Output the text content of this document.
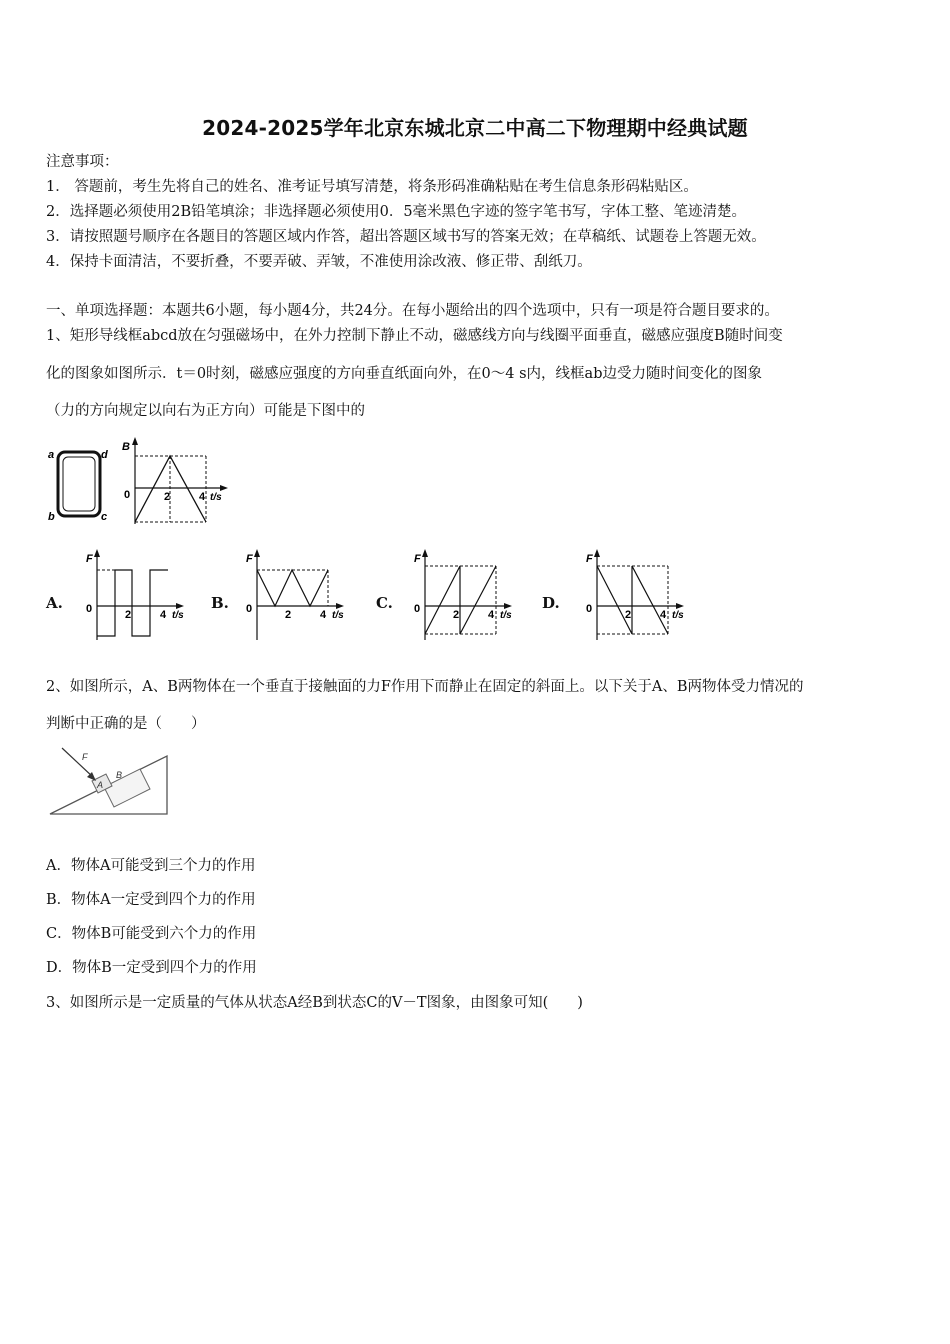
2024-2025学年北京东城北京二中高二下物理期中经典试题
注意事项：
1． 答题前，考生先将自己的姓名、准考证号填写清楚，将条形码准确粘贴在考生信息条形码粘贴区。
2．选择题必须使用2B铅笔填涂；非选择题必须使用0．5毫米黑色字迹的签字笔书写，字体工整、笔迹清楚。
3．请按照题号顺序在各题目的答题区域内作答，超出答题区域书写的答案无效；在草稿纸、试题卷上答题无效。
4．保持卡面清洁，不要折叠，不要弄破、弄皱，不准使用涂改液、修正带、刮纸刀。
一、单项选择题：本题共6小题，每小题4分，共24分。在每小题给出的四个选项中，只有一项是符合题目要求的。
1、矩形导线框abcd放在匀强磁场中，在外力控制下静止不动，磁感线方向与线圈平面垂直，磁感应强度B随时间变
化的图象如图所示．t＝0时刻，磁感应强度的方向垂直纸面向外，在0～4 s内，线框ab边受力随时间变化的图象
（力的方向规定以向右为正方向）可能是下图中的
a	d
b	c
B
0	2	4 t/s
A.
F
0	2	4 t/s
B.
F
0	2	4 t/s
C.
F
0	2	4 t/s
D.
F
0	2	4 t/s
2、如图所示，A、B两物体在一个垂直于接触面的力F作用下而静止在固定的斜面上。以下关于A、B两物体受力情况的
判断中正确的是（　　）
F
A
B
A．物体A可能受到三个力的作用
B．物体A一定受到四个力的作用
C．物体B可能受到六个力的作用
D．物体B一定受到四个力的作用
3、如图所示是一定质量的气体从状态A经B到状态C的V－T图象，由图象可知(　　)
